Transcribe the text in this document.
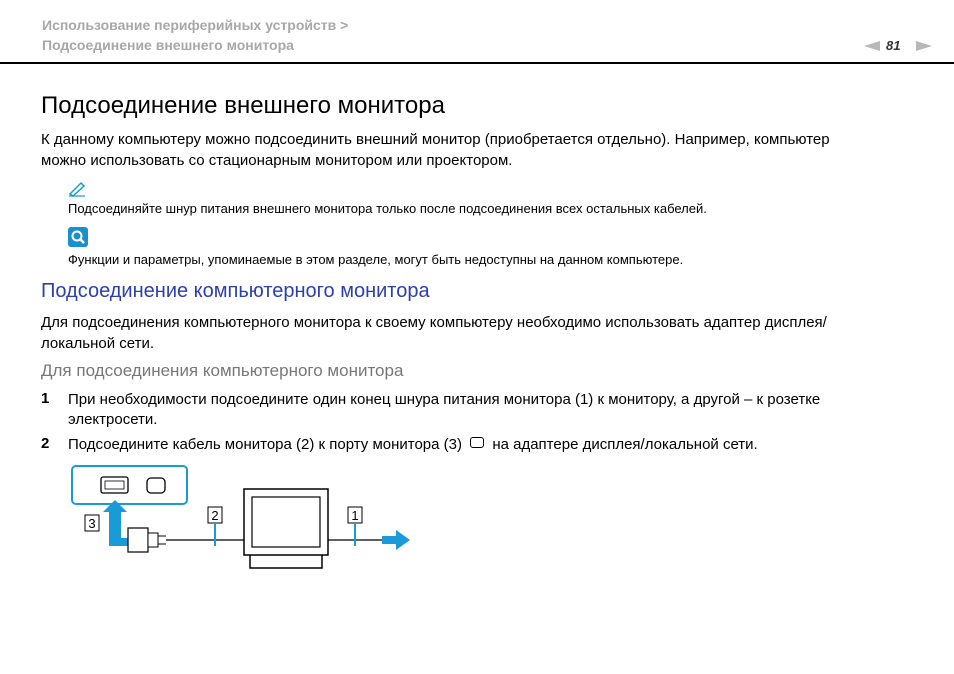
Использование периферийных устройств >
Подсоединение внешнего монитора	81
Подсоединение внешнего монитора
К данному компьютеру можно подсоединить внешний монитор (приобретается отдельно). Например, компьютер
можно использовать со стационарным монитором или проектором.
Подсоединяйте шнур питания внешнего монитора только после подсоединения всех остальных кабелей.
Функции и параметры, упоминаемые в этом разделе, могут быть недоступны на данном компьютере.
Подсоединение компьютерного монитора
Для подсоединения компьютерного монитора к своему компьютеру необходимо использовать адаптер дисплея/
локальной сети.
Для подсоединения компьютерного монитора
1 При необходимости подсоедините один конец шнура питания монитора (1) к монитору, а другой – к розетке
электросети.
2 Подсоедините кабель монитора (2) к порту монитора (3) на адаптере дисплея/локальной сети.
3
2	1
